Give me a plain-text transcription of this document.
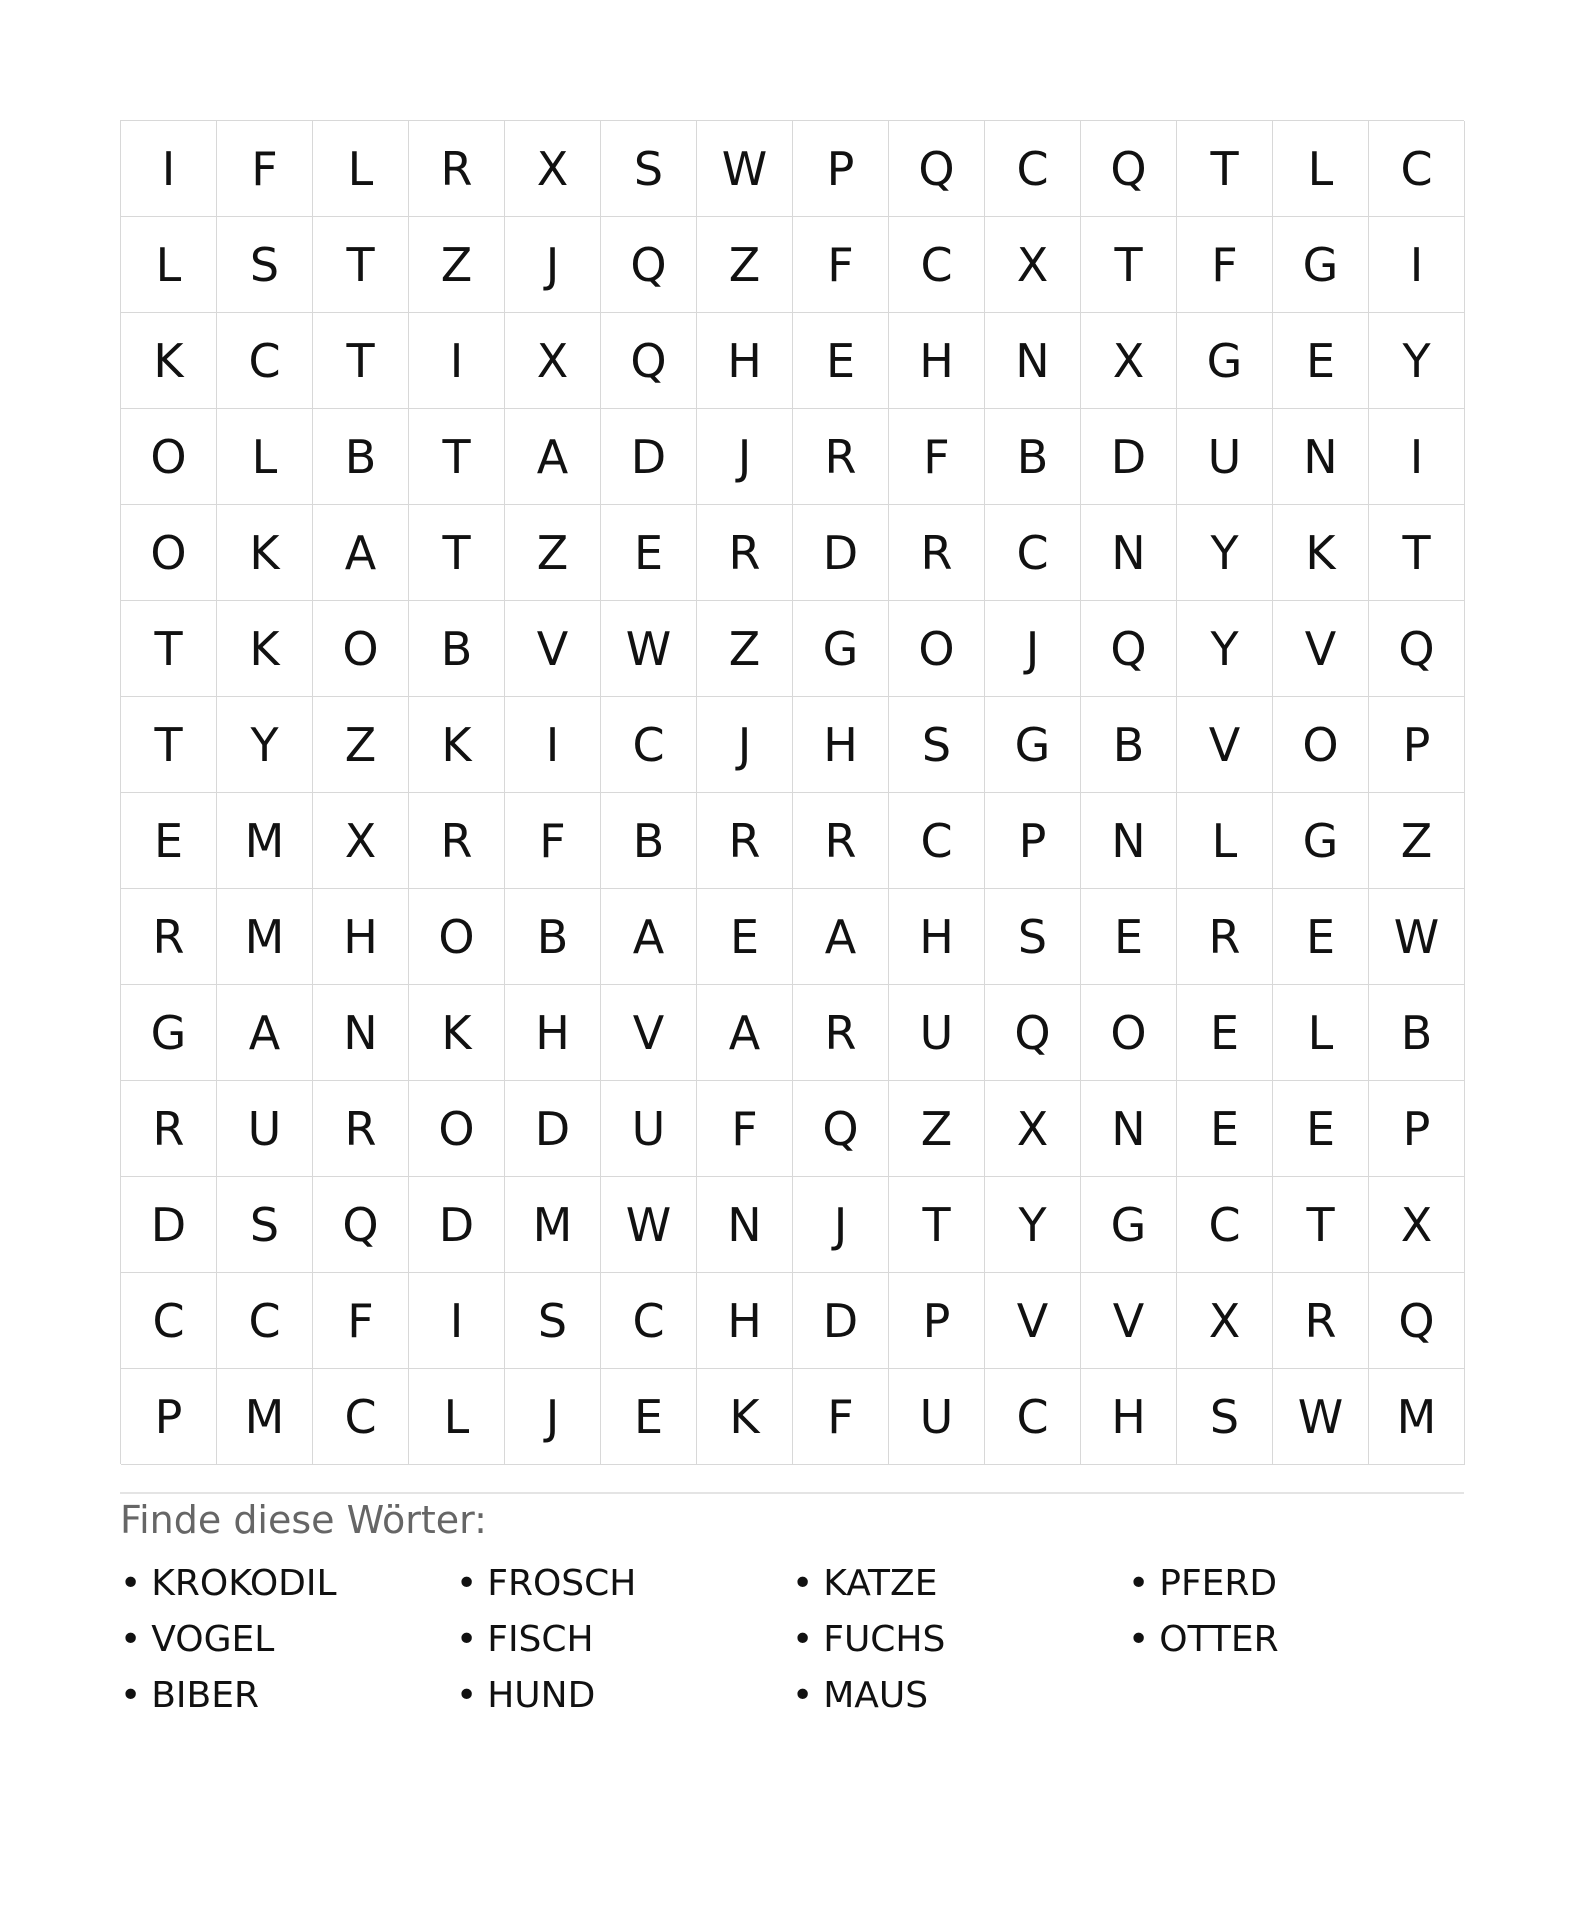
I	F	L	R	X	S	W	P	Q	C	Q	T	L	C
L	S	T	Z	J	Q	Z	F	C	X	T	F	G	I
K	C	T	I	X	Q	H	E	H	N	X	G	E	Y
O	L	B	T	A	D	J	R	F	B	D	U	N	I
O	K	A	T	Z	E	R	D	R	C	N	Y	K	T
T	K	O	B	V	W	Z	G	O	J	Q	Y	V	Q
T	Y	Z	K	I	C	J	H	S	G	B	V	O	P
E	M	X	R	F	B	R	R	C	P	N	L	G	Z
R	M	H	O	B	A	E	A	H	S	E	R	E	W
G	A	N	K	H	V	A	R	U	Q	O	E	L	B
R	U	R	O	D	U	F	Q	Z	X	N	E	E	P
D	S	Q	D	M	W	N	J	T	Y	G	C	T	X
C	C	F	I	S	C	H	D	P	V	V	X	R	Q
P	M	C	L	J	E	K	F	U	C	H	S	W	M
Finde diese Wörter:
• KROKODIL	• FROSCH	• KATZE	• PFERD
• VOGEL	• FISCH	• FUCHS	• OTTER
• BIBER	• HUND	• MAUS
